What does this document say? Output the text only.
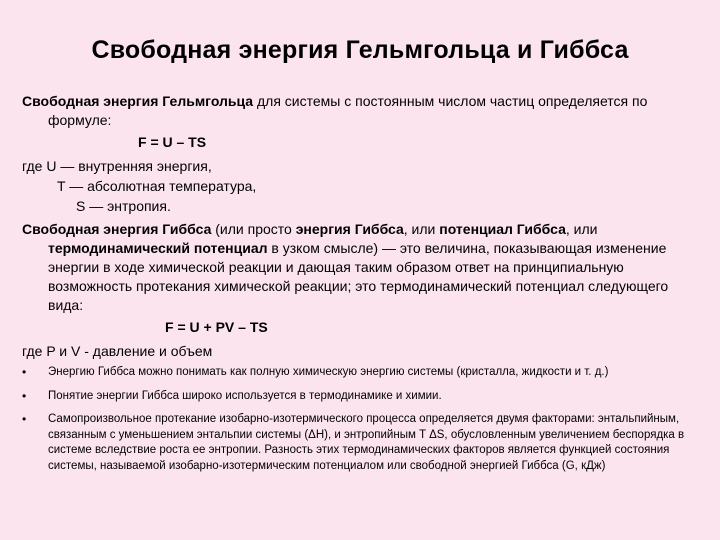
Свободная энергия Гельмгольца и Гиббса

Свободная энергия Гельмгольца для системы с постоянным числом частиц определяется по формуле:

F = U – TS
где U — внутренняя энергия,
T — абсолютная температура,
S — энтропия.

Свободная энергия Гиббса (или просто энергия Гиббса, или потенциал Гиббса, или термодинамический потенциал в узком смысле) — это величина, показывающая изменение энергии в ходе химической реакции и дающая таким образом ответ на принципиальную возможность протекания химической реакции; это термодинамический потенциал следующего вида:

F = U + PV – TS
где P и V - давление и объем
• Энергию Гиббса можно понимать как полную химическую энергию системы (кристалла, жидкости и т. д.)
• Понятие энергии Гиббса широко используется в термодинамике и химии.
• Самопроизвольное протекание изобарно-изотермического процесса определяется двумя факторами: энтальпийным, связанным с уменьшением энтальпии системы (ΔH), и энтропийным T ΔS, обусловленным увеличением беспорядка в системе вследствие роста ее энтропии. Разность этих термодинамических факторов является функцией состояния системы, называемой изобарно-изотермическим потенциалом или свободной энергией Гиббса (G, кДж)
